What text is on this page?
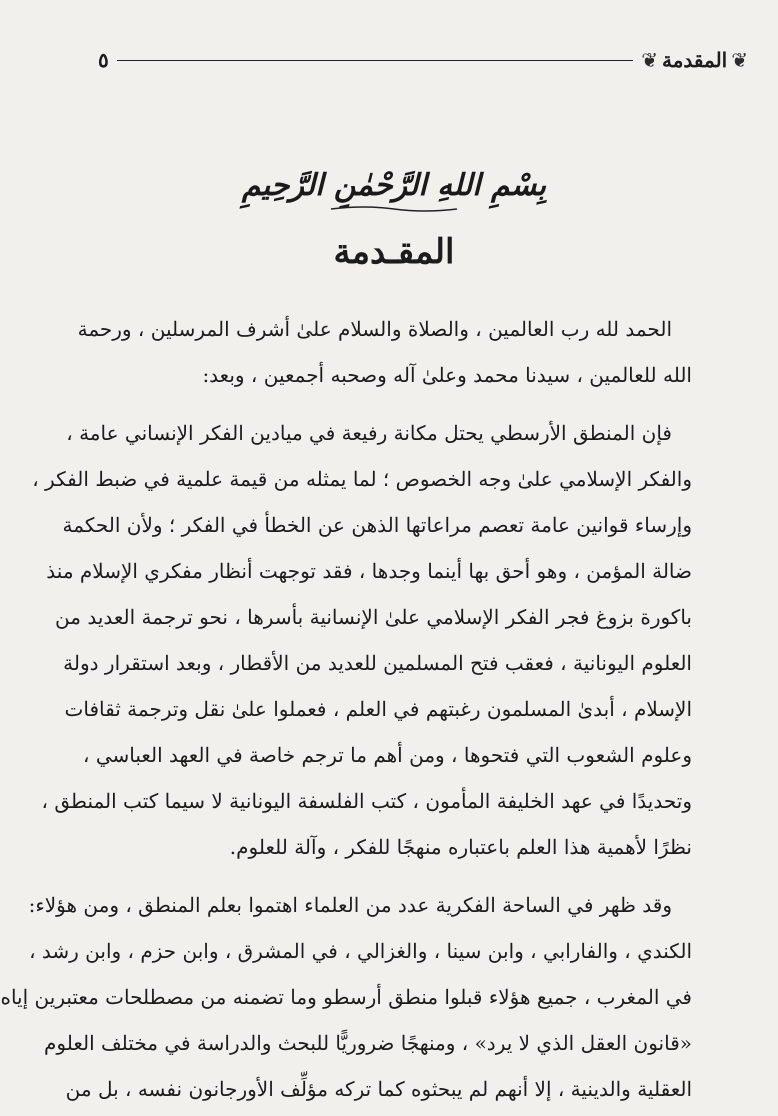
❦
المقدمة
❦
٥
بِسْمِ اللهِ الرَّحْمٰنِ الرَّحِيمِ
المقـدمة
الحمد لله رب العالمين ، والصلاة والسلام علىٰ أشرف المرسلين ، ورحمة
الله للعالمين ، سيدنا محمد وعلىٰ آله وصحبه أجمعين ، وبعد:
فإن المنطق الأرسطي يحتل مكانة رفيعة في ميادين الفكر الإنساني عامة ،
والفكر الإسلامي علىٰ وجه الخصوص ؛ لما يمثله من قيمة علمية في ضبط الفكر ،
وإرساء قوانين عامة تعصم مراعاتها الذهن عن الخطأ في الفكر ؛ ولأن الحكمة
ضالة المؤمن ، وهو أحق بها أينما وجدها ، فقد توجهت أنظار مفكري الإسلام منذ
باكورة بزوغ فجر الفكر الإسلامي علىٰ الإنسانية بأسرها ، نحو ترجمة العديد من
العلوم اليونانية ، فعقب فتح المسلمين للعديد من الأقطار ، وبعد استقرار دولة
الإسلام ، أبدىٰ المسلمون رغبتهم في العلم ، فعملوا علىٰ نقل وترجمة ثقافات
وعلوم الشعوب التي فتحوها ، ومن أهم ما ترجم خاصة في العهد العباسي ،
وتحديدًا في عهد الخليفة المأمون ، كتب الفلسفة اليونانية لا سيما كتب المنطق ،
نظرًا لأهمية هذا العلم باعتباره منهجًا للفكر ، وآلة للعلوم.
وقد ظهر في الساحة الفكرية عدد من العلماء اهتموا بعلم المنطق ، ومن هؤلاء:
الكندي ، والفارابي ، وابن سينا ، والغزالي ، في المشرق ، وابن حزم ، وابن رشد ،
في المغرب ، جميع هؤلاء قبلوا منطق أرسطو وما تضمنه من مصطلحات معتبرين إياه
«قانون العقل الذي لا يرد» ، ومنهجًا ضروريًّا للبحث والدراسة في مختلف العلوم
العقلية والدينية ، إلا أنهم لم يبحثوه كما تركه مؤلِّف الأورجانون نفسه ، بل من
